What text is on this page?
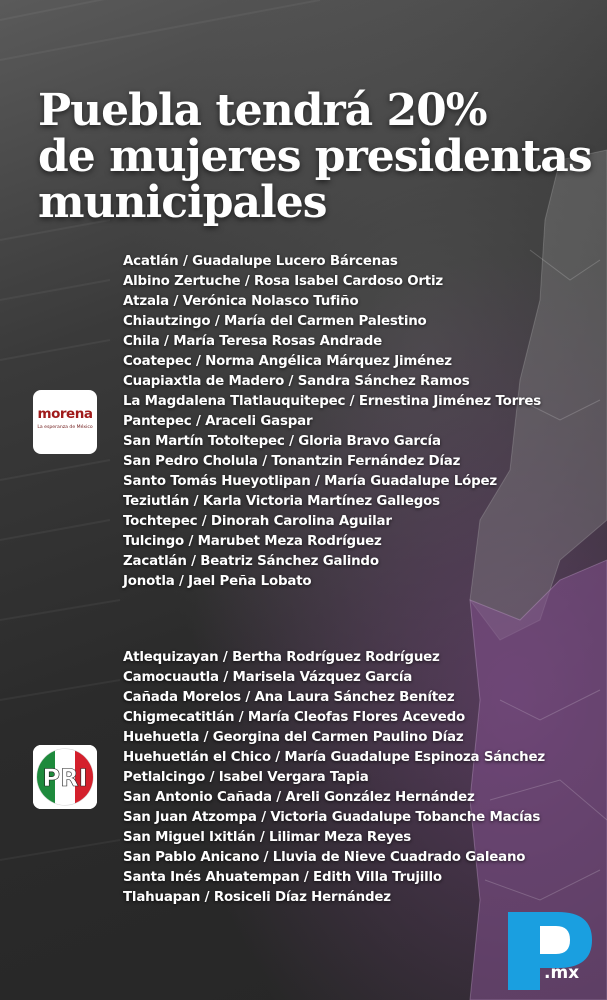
Puebla tendrá 20%
de mujeres presidentas
municipales
morena
La esperanza de México
Acatlán / Guadalupe Lucero Bárcenas
Albino Zertuche / Rosa Isabel Cardoso Ortiz
Atzala / Verónica Nolasco Tufiño
Chiautzingo / María del Carmen Palestino
Chila / María Teresa Rosas Andrade
Coatepec / Norma Angélica Márquez Jiménez
Cuapiaxtla de Madero / Sandra Sánchez Ramos
La Magdalena Tlatlauquitepec / Ernestina Jiménez Torres
Pantepec / Araceli Gaspar
San Martín Totoltepec / Gloria Bravo García
San Pedro Cholula / Tonantzin Fernández Díaz
Santo Tomás Hueyotlipan / María Guadalupe López
Teziutlán / Karla Victoria Martínez Gallegos
Tochtepec / Dinorah Carolina Aguilar
Tulcingo / Marubet Meza Rodríguez
Zacatlán / Beatriz Sánchez Galindo
Jonotla / Jael Peña Lobato
PRI
Atlequizayan / Bertha Rodríguez Rodríguez
Camocuautla / Marisela Vázquez García
Cañada Morelos / Ana Laura Sánchez Benítez
Chigmecatitlán / María Cleofas Flores Acevedo
Huehuetla / Georgina del Carmen Paulino Díaz
Huehuetlán el Chico / María Guadalupe Espinoza Sánchez
Petlalcingo / Isabel Vergara Tapia
San Antonio Cañada / Areli González Hernández
San Juan Atzompa / Victoria Guadalupe Tobanche Macías
San Miguel Ixitlán / Lilimar Meza Reyes
San Pablo Anicano / Lluvia de Nieve Cuadrado Galeano
Santa Inés Ahuatempan / Edith Villa Trujillo
Tlahuapan / Rosiceli Díaz Hernández
.mx
